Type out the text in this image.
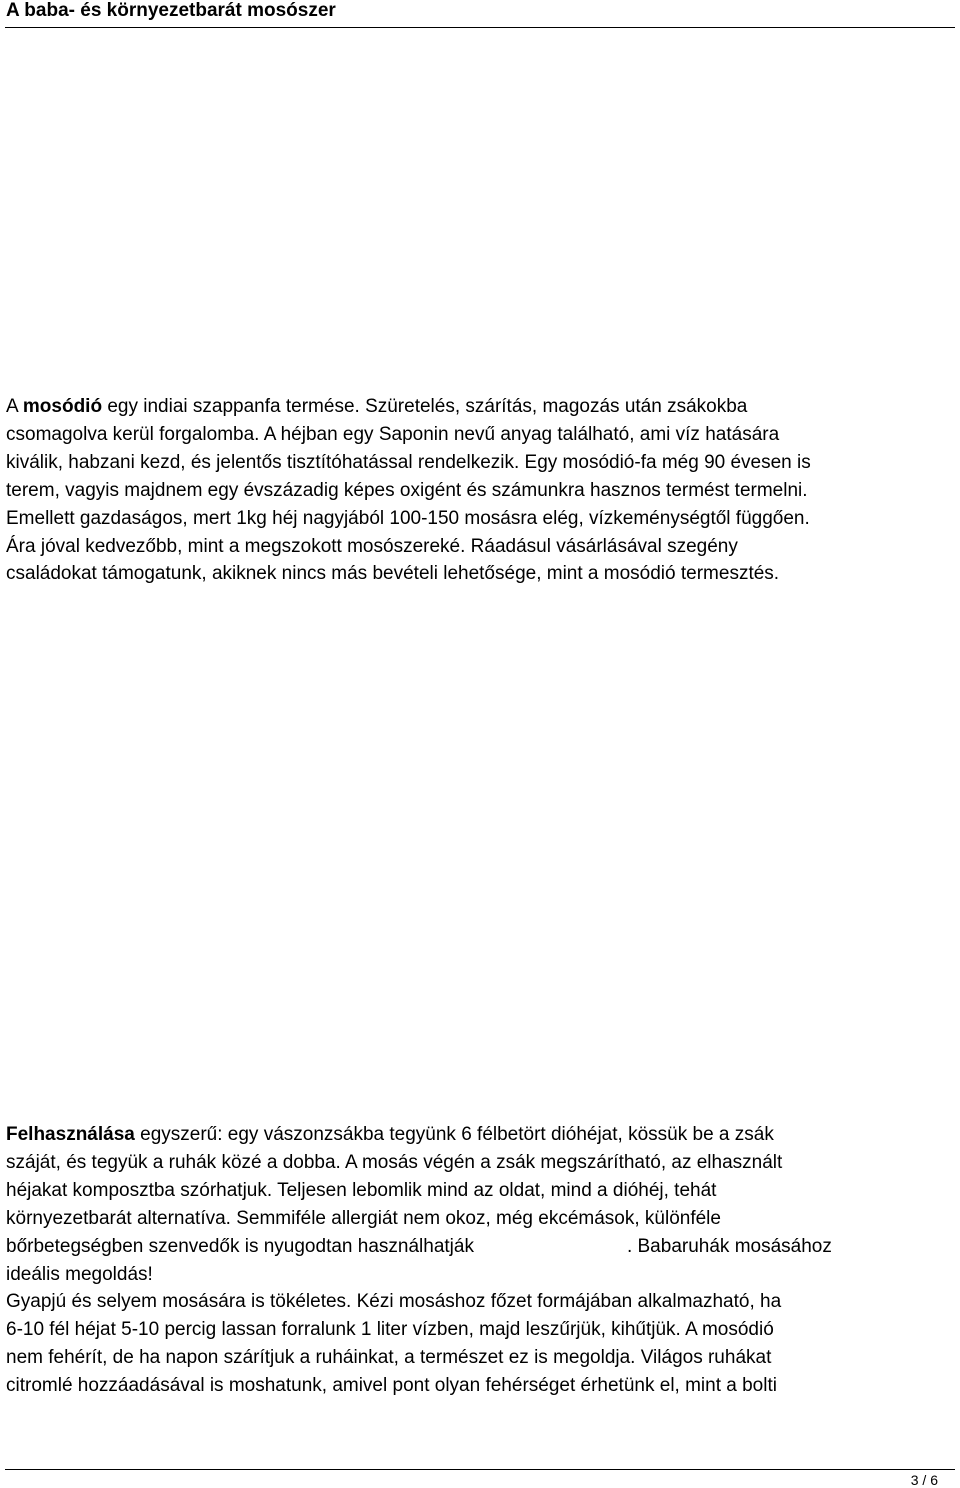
A baba- és környezetbarát mosószer

A mosódió egy indiai szappanfa termése. Szüretelés, szárítás, magozás után zsákokba
csomagolva kerül forgalomba. A héjban egy Saponin nevű anyag található, ami víz hatására
kiválik, habzani kezd, és jelentős tisztítóhatással rendelkezik. Egy mosódió-fa még 90 évesen is
terem, vagyis majdnem egy évszázadig képes oxigént és számunkra hasznos termést termelni.
Emellett gazdaságos, mert 1kg héj nagyjából 100-150 mosásra elég, vízkeménységtől függően.
Ára jóval kedvezőbb, mint a megszokott mosószereké. Ráadásul vásárlásával szegény
családokat támogatunk, akiknek nincs más bevételi lehetősége, mint a mosódió termesztés.

Felhasználása egyszerű: egy vászonzsákba tegyünk 6 félbetört dióhéjat, kössük be a zsák
száját, és tegyük a ruhák közé a dobba. A mosás végén a zsák megszárítható, az elhasznált
héjakat komposztba szórhatjuk. Teljesen lebomlik mind az oldat, mind a dióhéj, tehát
környezetbarát alternatíva. Semmiféle allergiát nem okoz, még ekcémások, különféle
bőrbetegségben szenvedők is nyugodtan használhatják	. Babaruhák mosásához
ideális megoldás!
Gyapjú és selyem mosására is tökéletes. Kézi mosáshoz főzet formájában alkalmazható, ha
6-10 fél héjat 5-10 percig lassan forralunk 1 liter vízben, majd leszűrjük, kihűtjük. A mosódió
nem fehérít, de ha napon szárítjuk a ruháinkat, a természet ez is megoldja. Világos ruhákat
citromlé hozzáadásával is moshatunk, amivel pont olyan fehérséget érhetünk el, mint a bolti

3 / 6
